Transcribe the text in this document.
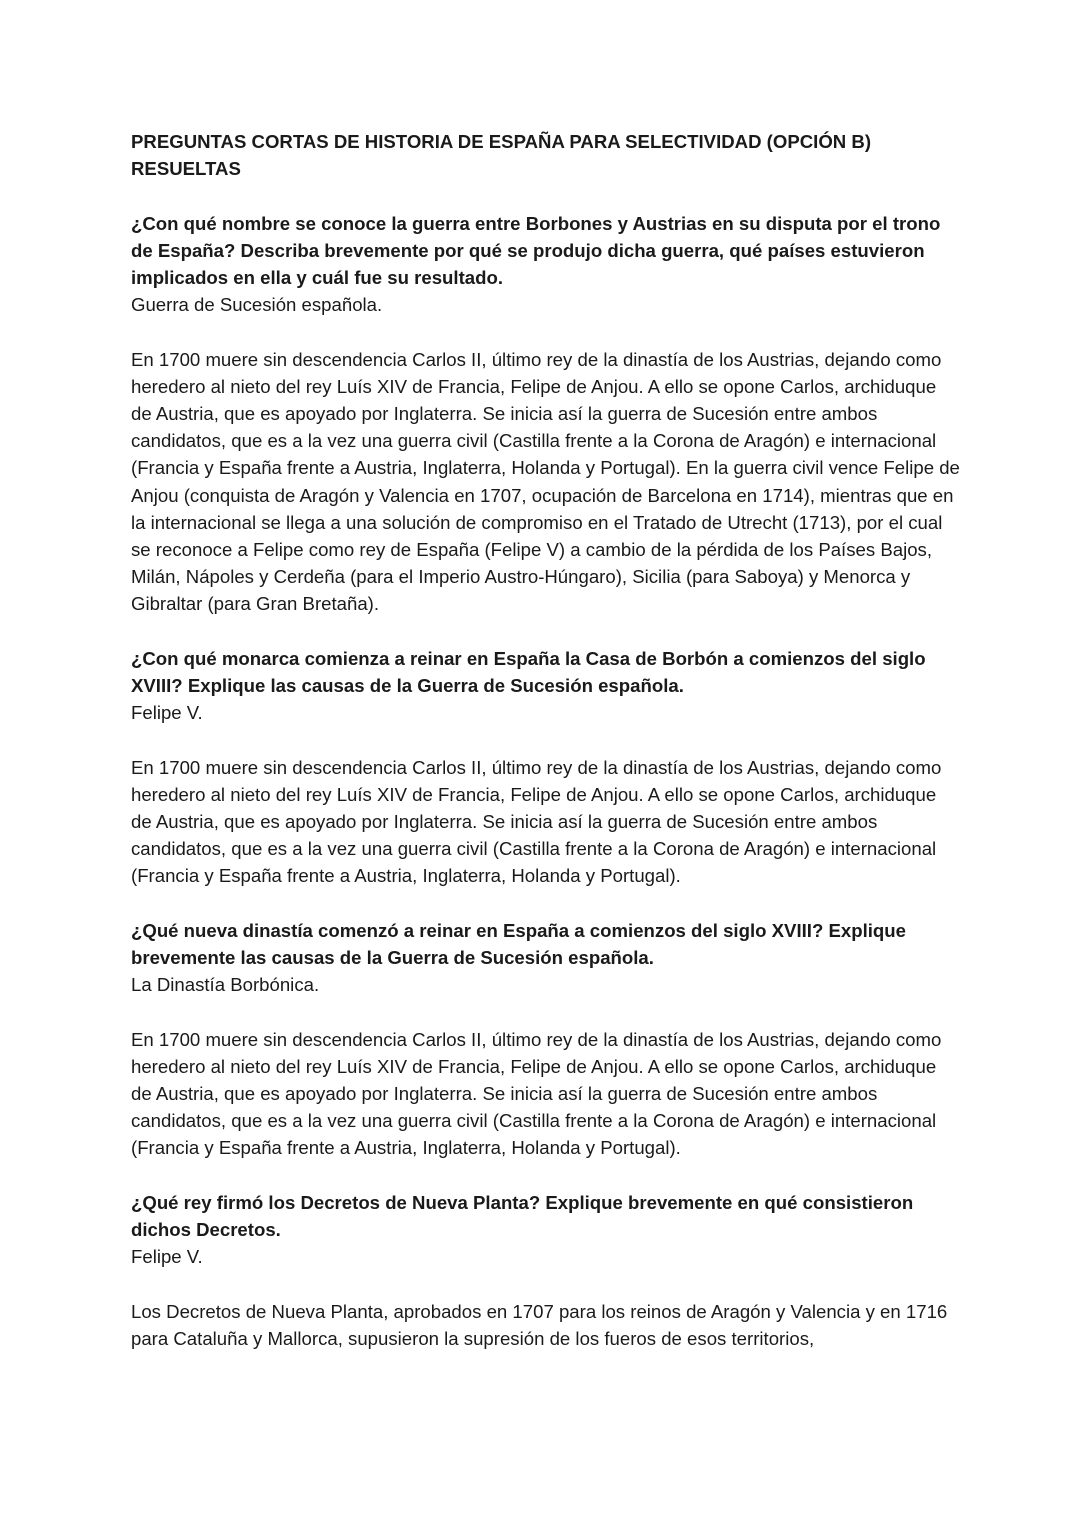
PREGUNTAS CORTAS DE HISTORIA DE ESPAÑA PARA SELECTIVIDAD (OPCIÓN B) RESUELTAS

¿Con qué nombre se conoce la guerra entre Borbones y Austrias en su disputa por el trono de España? Describa brevemente por qué se produjo dicha guerra, qué países estuvieron implicados en ella y cuál fue su resultado.

Guerra de Sucesión española.

En 1700 muere sin descendencia Carlos II, último rey de la dinastía de los Austrias, dejando como heredero al nieto del rey Luís XIV de Francia, Felipe de Anjou. A ello se opone Carlos, archiduque de Austria, que es apoyado por Inglaterra. Se inicia así la guerra de Sucesión entre ambos candidatos, que es a la vez una guerra civil (Castilla frente a la Corona de Aragón) e internacional (Francia y España frente a Austria, Inglaterra, Holanda y Portugal). En la guerra civil vence Felipe de Anjou (conquista de Aragón y Valencia en 1707, ocupación de Barcelona en 1714), mientras que en la internacional se llega a una solución de compromiso en el Tratado de Utrecht (1713), por el cual se reconoce a Felipe como rey de España (Felipe V) a cambio de la pérdida de los Países Bajos, Milán, Nápoles y Cerdeña (para el Imperio Austro-Húngaro), Sicilia (para Saboya) y Menorca y Gibraltar (para Gran Bretaña).

¿Con qué monarca comienza a reinar en España la Casa de Borbón a comienzos del siglo XVIII? Explique las causas de la Guerra de Sucesión española.

Felipe V.

En 1700 muere sin descendencia Carlos II, último rey de la dinastía de los Austrias, dejando como heredero al nieto del rey Luís XIV de Francia, Felipe de Anjou. A ello se opone Carlos, archiduque de Austria, que es apoyado por Inglaterra. Se inicia así la guerra de Sucesión entre ambos candidatos, que es a la vez una guerra civil (Castilla frente a la Corona de Aragón) e internacional (Francia y España frente a Austria, Inglaterra, Holanda y Portugal).

¿Qué nueva dinastía comenzó a reinar en España a comienzos del siglo XVIII? Explique brevemente las causas de la Guerra de Sucesión española.

La Dinastía Borbónica.

En 1700 muere sin descendencia Carlos II, último rey de la dinastía de los Austrias, dejando como heredero al nieto del rey Luís XIV de Francia, Felipe de Anjou. A ello se opone Carlos, archiduque de Austria, que es apoyado por Inglaterra. Se inicia así la guerra de Sucesión entre ambos candidatos, que es a la vez una guerra civil (Castilla frente a la Corona de Aragón) e internacional (Francia y España frente a Austria, Inglaterra, Holanda y Portugal).

¿Qué rey firmó los Decretos de Nueva Planta? Explique brevemente en qué consistieron dichos Decretos.

Felipe V.

Los Decretos de Nueva Planta, aprobados en 1707 para los reinos de Aragón y Valencia y en 1716 para Cataluña y Mallorca, supusieron la supresión de los fueros de esos territorios,
